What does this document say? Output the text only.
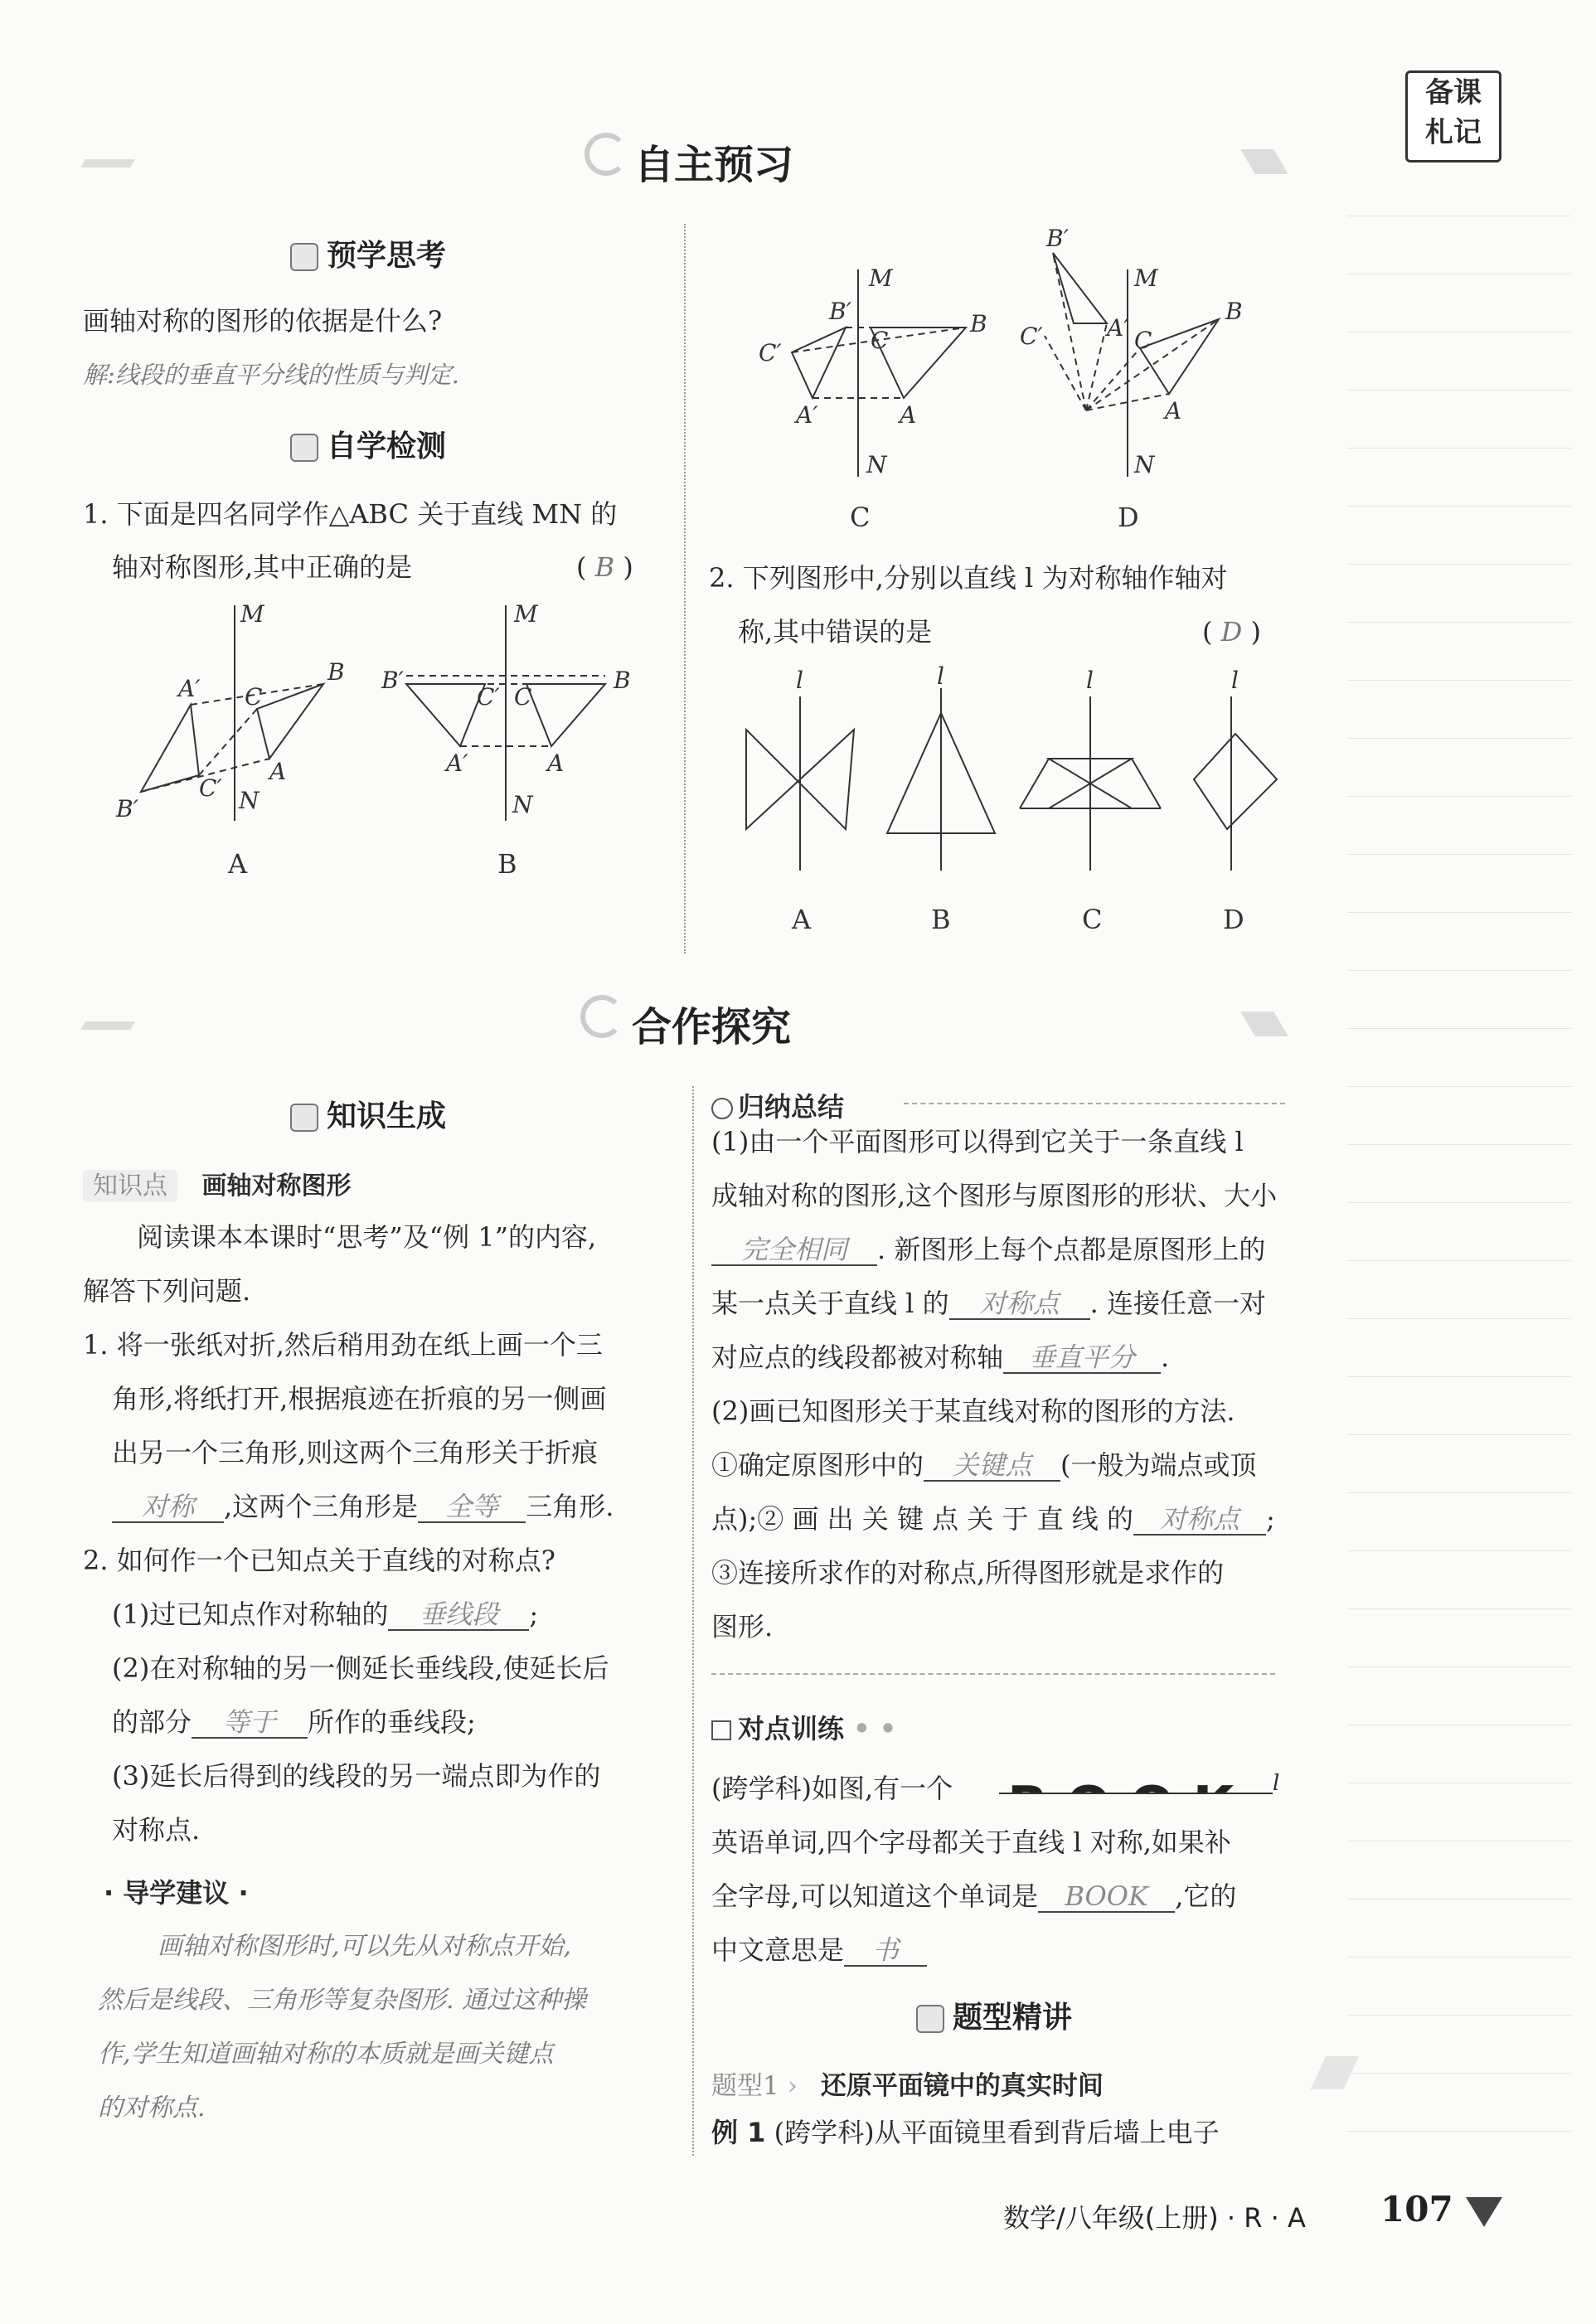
备课
札记
自主预习
预学思考
画轴对称的图形的依据是什么?
解:线段的垂直平分线的性质与判定.
自学检测
1. 下面是四名同学作△ABC 关于直线 MN 的
轴对称图形,其中正确的是	( B )
M
N
B
C
A
A′
C′
B′
M
N
B
C
A
B′
C′
A′
A	B
M
N
B
C
A
B′
C′
A′
M
N
B
C
A
B′
C′	A′
C	D
2. 下列图形中,分别以直线 l 为对称轴作轴对
称,其中错误的是	( D )
l	l	l	l
A	B	C	D
合作探究
知识生成
知识点 画轴对称图形
阅读课本本课时“思考”及“例 1”的内容,
解答下列问题.
1. 将一张纸对折,然后稍用劲在纸上画一个三
角形,将纸打开,根据痕迹在折痕的另一侧画
出另一个三角形,则这两个三角形关于折痕
对称 ,这两个三角形是 全等 三角形.
2. 如何作一个已知点关于直线的对称点?
(1)过已知点作对称轴的 垂线段 ;
(2)在对称轴的另一侧延长垂线段,使延长后
的部分 等于 所作的垂线段;
(3)延长后得到的线段的另一端点即为作的
对称点.
· 导学建议 ·
画轴对称图形时,可以先从对称点开始,
然后是线段、三角形等复杂图形. 通过这种操
作,学生知道画轴对称的本质就是画关键点
的对称点.
归纳总结
(1)由一个平面图形可以得到它关于一条直线 l
成轴对称的图形,这个图形与原图形的形状、大小
完全相同 . 新图形上每个点都是原图形上的
某一点关于直线 l 的 对称点 . 连接任意一对
对应点的线段都被对称轴 垂直平分 .
(2)画已知图形关于某直线对称的图形的方法.
①确定原图形中的 关键点 (一般为端点或顶
点);② 画 出 关 键 点 关 于 直 线 的 对称点 ;
③连接所求作的对称点,所得图形就是求作的
图形.
对点训练 • •
(跨学科)如图,有一个	l
英语单词,四个字母都关于直线 l 对称,如果补
全字母,可以知道这个单词是 BOOK ,它的
中文意思是 书
题型精讲
题型1 › 还原平面镜中的真实时间
例 1 (跨学科)从平面镜里看到背后墙上电子
数学/八年级(上册) · R · A 107
